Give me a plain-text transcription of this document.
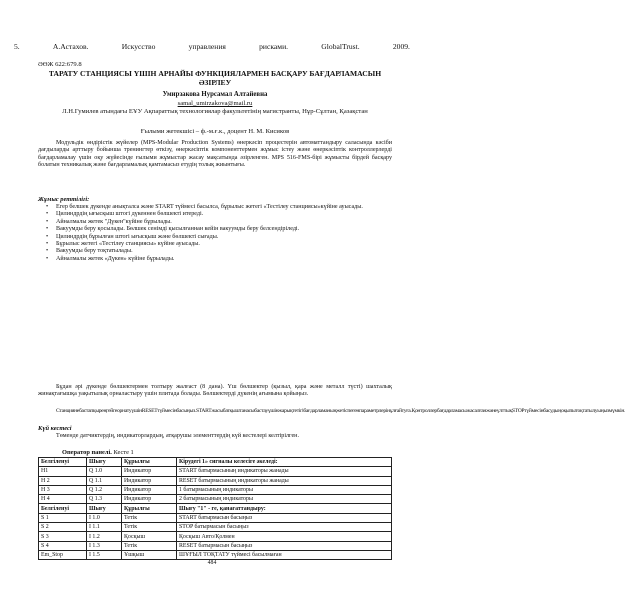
5.	А.Астахов.	Искусство	управления	рисками.	GlobalTrust.	2009.
ӘӨЖ 622:679.8
ТАРАТУ СТАНЦИЯСЫ ҮШІН АРНАЙЫ ФУНКЦИЯЛАРМЕН БАСҚАРУ БАҒДАРЛАМАСЫН ӘЗІРЛЕУ
Умирзакова Нурсамал Алтайевна
samal_umirzakova@mail.ru
Л.Н.Гумилев атындағы ЕҰУ Ақпараттық технологиялар факультетінің магистранты, Нұр-Сұлтан, Қазақстан
Ғылыми жетекшісі – ф.-м.ғ.к., доцент Н. М. Кисиков
Модульдік өндірістік жүйелер (MPS-Modular Production Systems) өнеркәсіп процестерін автоматтандыру саласында кәсіби дағдыларды арттыру бойынша тренингтер өткізу, өнеркәсіптік компоненттермен жұмыс істеу және өнеркәсіптік контроллерлерді бағдарламалау үшін оқу жүйесінде ғылыми жұмыстар жасау мақсатында әзірленген. MPS 516-FMS-бірі жұмысты бірдей басқару болатын техникалық және бағдарламалық қамтамасыз етудің толық жиынтығы.
Жұмыс реттілігі:
• Егер белшек дүкенде анықталса және START түймесі басылса, бұрылыс жетегі «Тестілеу станциясы»күйіне ауысады.
• Цилиндрдің ығысқыш штогі дүкеннен бөлшекті итереді.
• Айналмалы жетек "Дүкен"күйіне бұрылады.
• Вакуумды беру қосылады. Бөлшек сенімді қысылғаннан кейін вакуумды беру белсендіріледі.
• Цилиндрдің бұрылған штогі ығысқыш және бөлшекті сығады.
• Бұрылыс жетегі «Тестілеу станциясы» күйіне ауысады.
• Вакуумды беру тоқтатылады.
• Айналмалы жетек «Дүкен» күйіне бұрылады.
Бұдан әрі дүкенде бөлшектермен толтыру жалғаст (8 дана). Үш бөлшектер (қызыл, қара және металл түсті) шахталық жинақтағышқа уақытылық орналастыру үшін плитада болады. Бөлшектерді дүкенің ағымына қойыңыз.
СтанциянебастапқыреңгейгеорнатуүшінRESETтүймесінбасыңыз.STARTжасыбатқыштанасыбастауүшінжарықтетігібағдарламаныңжетіспегенпараметрлерінұлғайтуға.ҚонтроллербағдарламасыжасалғанжәнеүлттықSTOPтүймесінбасудыңоқыпытоқтатылуыңызмүмкін.
Күй кестесі
Төменде датчиктердің, индикаторлардың, атқарушы элементтердің күй кестелері келтірілген.
Оператор панелі. Кесте 1
Белгіленуі	Шығу	Құрылғы	Кірудегі 1» сигналы келесіге әкеледі:
Н1	Q 1.0	Индикатор	START батырмасының индикаторы жанады
Н 2	Q 1.1	Индикатор	RESET батырмасының индикаторы жанады
Н 3	Q 1.2	Индикатор	1 батырмасының индикаторы
Н 4	Q 1.3	Индикатор	2 батырмасының индикаторы
Белгіленуі	Шығу	Құрылғы	Шығу "1" - ге, қанағаттандыру:
S 1	I 1.0	Тетік	START батырмасын басыңыз
S 2	I 1.1	Тетік	STOP батырмасын басыңыз
S 3	I 1.2	Қосқыш	Қосқыш Авто/Қолмен
S 4	I 1.3	Тетік	RESET батырмасын басыңыз
Em_Stop	I 1.5	Ұшқыш	ШҰҒЫЛ ТОҚТАТУ түймесі басылмаған
484
